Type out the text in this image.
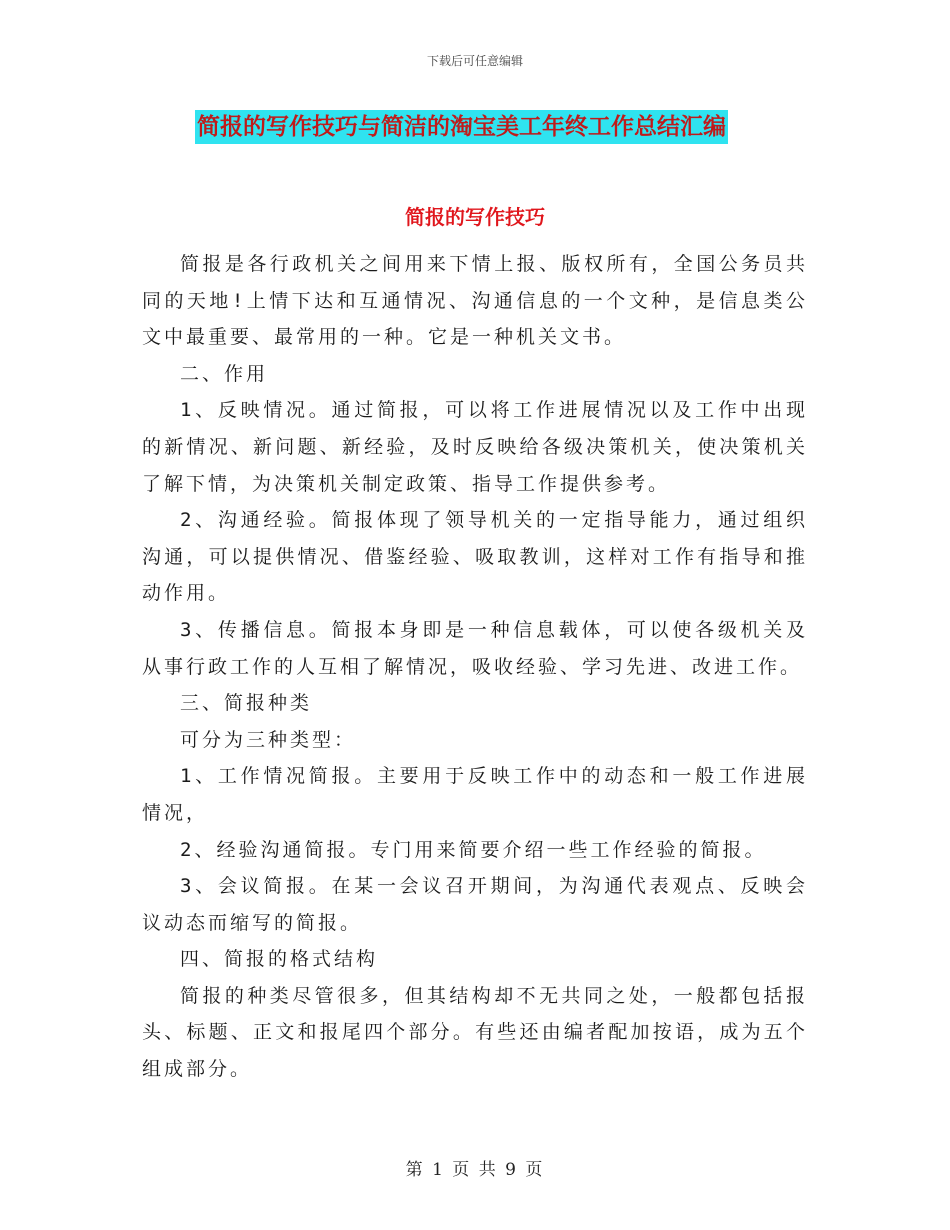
下载后可任意编辑
简报的写作技巧与简洁的淘宝美工年终工作总结汇编
简报的写作技巧

简报是各行政机关之间用来下情上报、版权所有，全国公务员共同的天地!上情下达和互通情况、沟通信息的一个文种，是信息类公文中最重要、最常用的一种。它是一种机关文书。

二、作用

1、反映情况。通过简报，可以将工作进展情况以及工作中出现的新情况、新问题、新经验，及时反映给各级决策机关，使决策机关了解下情，为决策机关制定政策、指导工作提供参考。

2、沟通经验。简报体现了领导机关的一定指导能力，通过组织沟通，可以提供情况、借鉴经验、吸取教训，这样对工作有指导和推动作用。

3、传播信息。简报本身即是一种信息载体，可以使各级机关及从事行政工作的人互相了解情况，吸收经验、学习先进、改进工作。

三、简报种类

可分为三种类型：

1、工作情况简报。主要用于反映工作中的动态和一般工作进展情况，

2、经验沟通简报。专门用来简要介绍一些工作经验的简报。

3、会议简报。在某一会议召开期间，为沟通代表观点、反映会议动态而缩写的简报。

四、简报的格式结构

简报的种类尽管很多，但其结构却不无共同之处，一般都包括报头、标题、正文和报尾四个部分。有些还由编者配加按语，成为五个组成部分。

第 1 页 共 9 页
